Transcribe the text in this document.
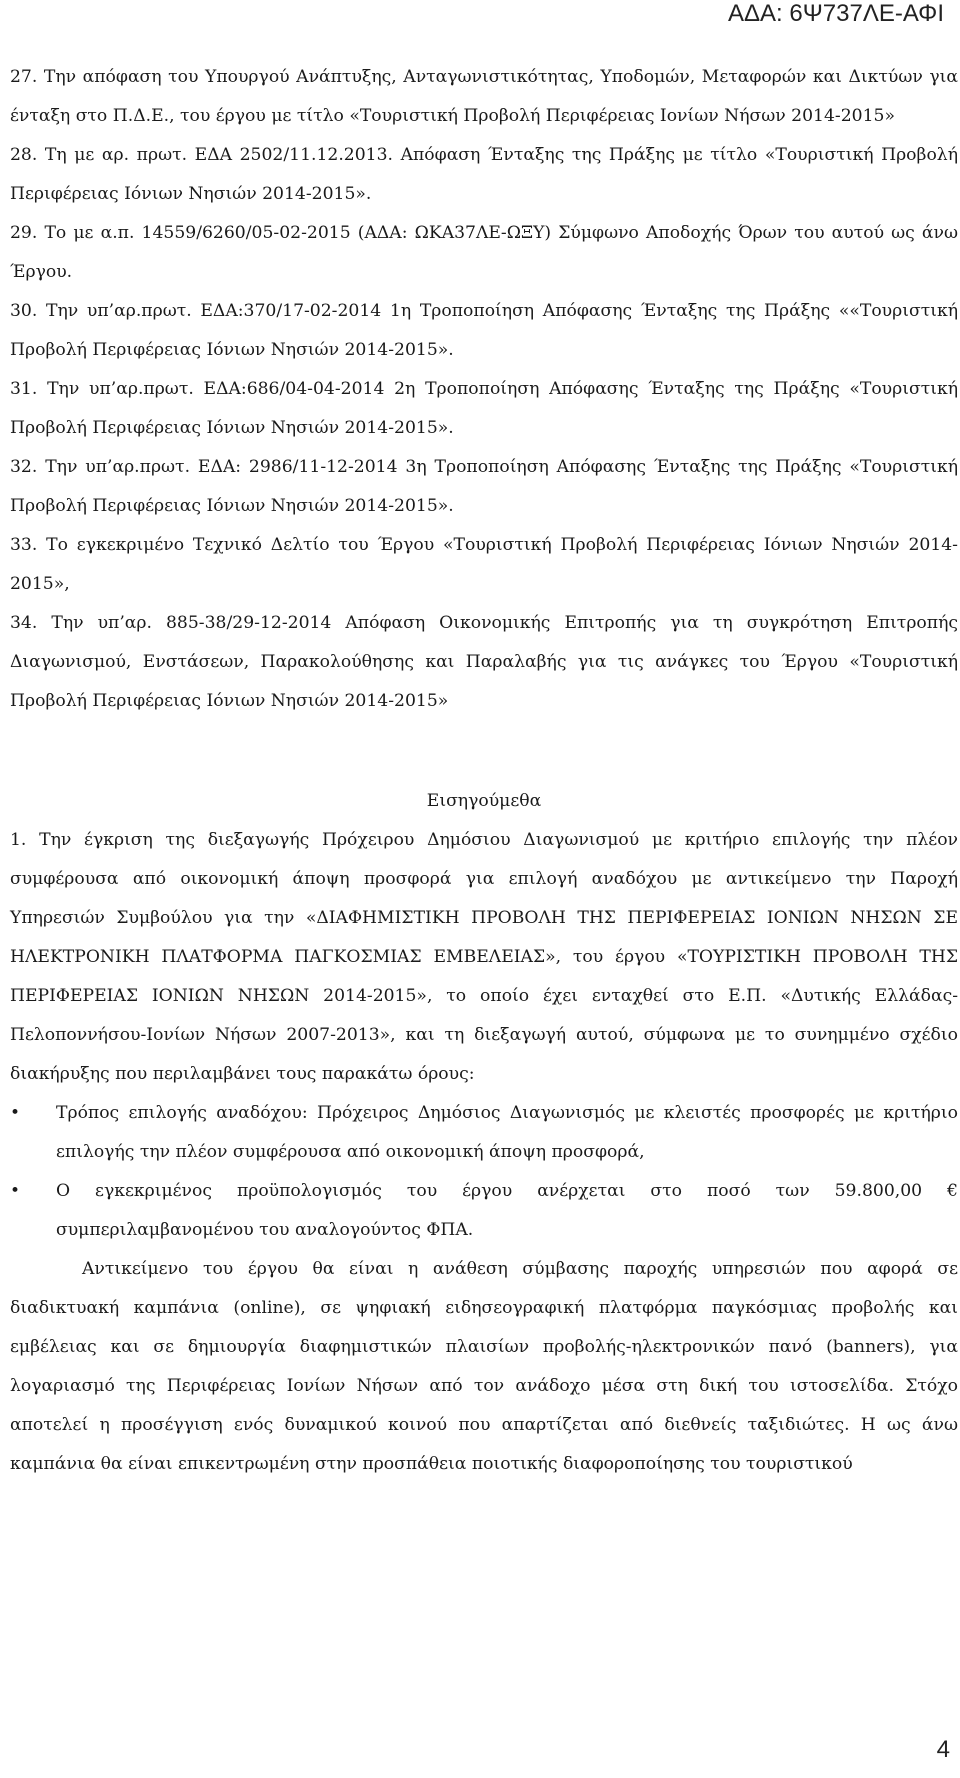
ΑΔΑ: 6Ψ737ΛΕ-ΑΦΙ

27. Την απόφαση του Υπουργού Ανάπτυξης, Ανταγωνιστικότητας, Υποδομών, Μεταφορών και Δικτύων για ένταξη στο Π.Δ.Ε., του έργου με τίτλο «Τουριστική Προβολή Περιφέρειας Ιονίων Νήσων 2014-2015»

28. Τη με αρ. πρωτ. ΕΔΑ 2502/11.12.2013. Απόφαση Ένταξης της Πράξης με τίτλο «Τουριστική Προβολή Περιφέρειας Ιόνιων Νησιών 2014-2015».

29. Το με α.π. 14559/6260/05-02-2015 (ΑΔΑ: ΩΚΑ37ΛΕ-ΩΞΥ) Σύμφωνο Αποδοχής Όρων του αυτού ως άνω Έργου.

30. Την υπ’αρ.πρωτ. ΕΔΑ:370/17-02-2014 1η Τροποποίηση Απόφασης Ένταξης της Πράξης ««Τουριστική Προβολή Περιφέρειας Ιόνιων Νησιών 2014-2015».

31. Την υπ’αρ.πρωτ. ΕΔΑ:686/04-04-2014 2η Τροποποίηση Απόφασης Ένταξης της Πράξης «Τουριστική Προβολή Περιφέρειας Ιόνιων Νησιών 2014-2015».

32. Την υπ’αρ.πρωτ. ΕΔΑ: 2986/11-12-2014 3η Τροποποίηση Απόφασης Ένταξης της Πράξης «Τουριστική Προβολή Περιφέρειας Ιόνιων Νησιών 2014-2015».

33. Το εγκεκριμένο Τεχνικό Δελτίο του Έργου «Τουριστική Προβολή Περιφέρειας Ιόνιων Νησιών 2014-2015»,

34. Την υπ’αρ. 885-38/29-12-2014 Απόφαση Οικονομικής Επιτροπής για τη συγκρότηση Επιτροπής Διαγωνισμού, Ενστάσεων, Παρακολούθησης και Παραλαβής για τις ανάγκες του Έργου «Τουριστική Προβολή Περιφέρειας Ιόνιων Νησιών 2014-2015»

Εισηγούμεθα

1. Την έγκριση της διεξαγωγής Πρόχειρου Δημόσιου Διαγωνισμού με κριτήριο επιλογής την πλέον συμφέρουσα από οικονομική άποψη προσφορά για επιλογή αναδόχου με αντικείμενο την Παροχή Υπηρεσιών Συμβούλου για την «ΔΙΑΦΗΜΙΣΤΙΚΗ ΠΡΟΒΟΛΗ ΤΗΣ ΠΕΡΙΦΕΡΕΙΑΣ ΙΟΝΙΩΝ ΝΗΣΩΝ ΣΕ ΗΛΕΚΤΡΟΝΙΚΗ ΠΛΑΤΦΟΡΜΑ ΠΑΓΚΟΣΜΙΑΣ ΕΜΒΕΛΕΙΑΣ», του έργου «ΤΟΥΡΙΣΤΙΚΗ ΠΡΟΒΟΛΗ ΤΗΣ ΠΕΡΙΦΕΡΕΙΑΣ ΙΟΝΙΩΝ ΝΗΣΩΝ 2014-2015», το οποίο έχει ενταχθεί στο Ε.Π. «Δυτικής Ελλάδας-Πελοποννήσου-Ιονίων Νήσων 2007-2013», και τη διεξαγωγή αυτού, σύμφωνα με το συνημμένο σχέδιο διακήρυξης που περιλαμβάνει τους παρακάτω όρους:

• Τρόπος επιλογής αναδόχου: Πρόχειρος Δημόσιος Διαγωνισμός με κλειστές προσφορές με κριτήριο επιλογής την πλέον συμφέρουσα από οικονομική άποψη προσφορά,
• Ο εγκεκριμένος προϋπολογισμός του έργου ανέρχεται στο ποσό των 59.800,00 € συμπεριλαμβανομένου του αναλογούντος ΦΠΑ.

Αντικείμενο του έργου θα είναι η ανάθεση σύμβασης παροχής υπηρεσιών που αφορά σε διαδικτυακή καμπάνια (online), σε ψηφιακή ειδησεογραφική πλατφόρμα παγκόσμιας προβολής και εμβέλειας και σε δημιουργία διαφημιστικών πλαισίων προβολής-ηλεκτρονικών πανό (banners), για λογαριασμό της Περιφέρειας Ιονίων Νήσων από τον ανάδοχο μέσα στη δική του ιστοσελίδα. Στόχο αποτελεί η προσέγγιση ενός δυναμικού κοινού που απαρτίζεται από διεθνείς ταξιδιώτες. Η ως άνω καμπάνια θα είναι επικεντρωμένη στην προσπάθεια ποιοτικής διαφοροποίησης του τουριστικού

4
